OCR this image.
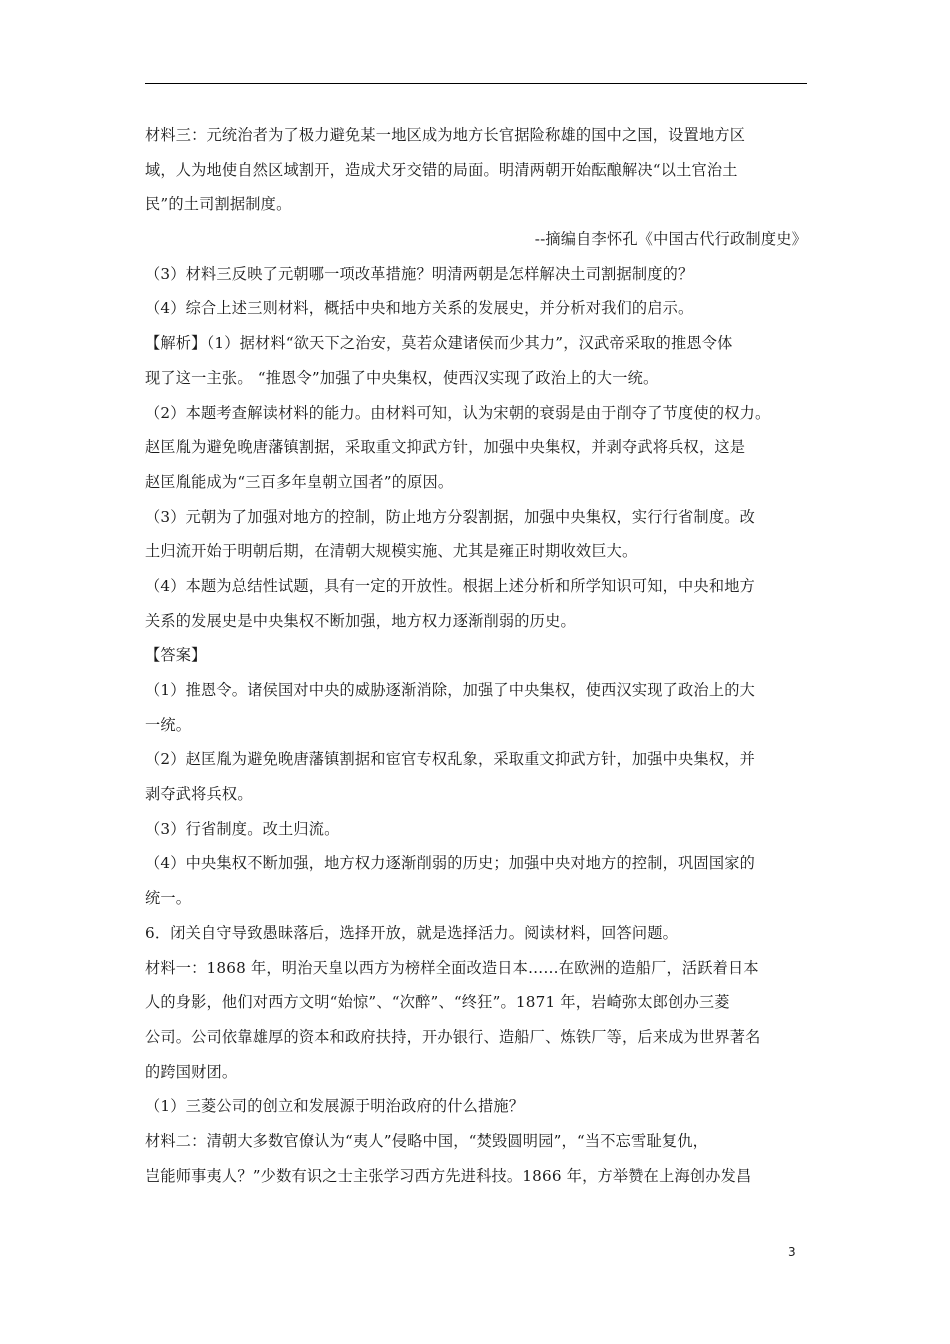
材料三：元统治者为了极力避免某一地区成为地方长官据险称雄的国中之国，设置地方区
域，人为地使自然区域割开，造成犬牙交错的局面。明清两朝开始酝酿解决“以土官治土
民”的土司割据制度。
--摘编自李怀孔《中国古代行政制度史》
（3）材料三反映了元朝哪一项改革措施？明清两朝是怎样解决土司割据制度的？
（4）综合上述三则材料，概括中央和地方关系的发展史，并分析对我们的启示。
【解析】（1）据材料“欲天下之治安，莫若众建诸侯而少其力”，汉武帝采取的推恩令体
现了这一主张。 “推恩令”加强了中央集权，使西汉实现了政治上的大一统。
（2）本题考查解读材料的能力。由材料可知，认为宋朝的衰弱是由于削夺了节度使的权力。
赵匡胤为避免晚唐藩镇割据，采取重文抑武方针，加强中央集权，并剥夺武将兵权，这是
赵匡胤能成为“三百多年皇朝立国者”的原因。
（3）元朝为了加强对地方的控制，防止地方分裂割据，加强中央集权，实行行省制度。改
土归流开始于明朝后期，在清朝大规模实施、尤其是雍正时期收效巨大。
（4）本题为总结性试题，具有一定的开放性。根据上述分析和所学知识可知，中央和地方
关系的发展史是中央集权不断加强，地方权力逐渐削弱的历史。
【答案】
（1）推恩令。诸侯国对中央的威胁逐渐消除，加强了中央集权，使西汉实现了政治上的大
一统。
（2）赵匡胤为避免晚唐藩镇割据和宦官专权乱象，采取重文抑武方针，加强中央集权，并
剥夺武将兵权。
（3）行省制度。改土归流。
（4）中央集权不断加强，地方权力逐渐削弱的历史；加强中央对地方的控制，巩固国家的
统一。
6．闭关自守导致愚昧落后，选择开放，就是选择活力。阅读材料，回答问题。
材料一：1868 年，明治天皇以西方为榜样全面改造日本……在欧洲的造船厂，活跃着日本
人的身影，他们对西方文明“始惊”、“次醉”、“终狂”。1871 年，岩崎弥太郎创办三菱
公司。公司依靠雄厚的资本和政府扶持，开办银行、造船厂、炼铁厂等，后来成为世界著名
的跨国财团。
（1）三菱公司的创立和发展源于明治政府的什么措施？
材料二：清朝大多数官僚认为“夷人”侵略中国，“焚毁圆明园”，“当不忘雪耻复仇，
岂能师事夷人？”少数有识之士主张学习西方先进科技。1866 年，方举赞在上海创办发昌
3
